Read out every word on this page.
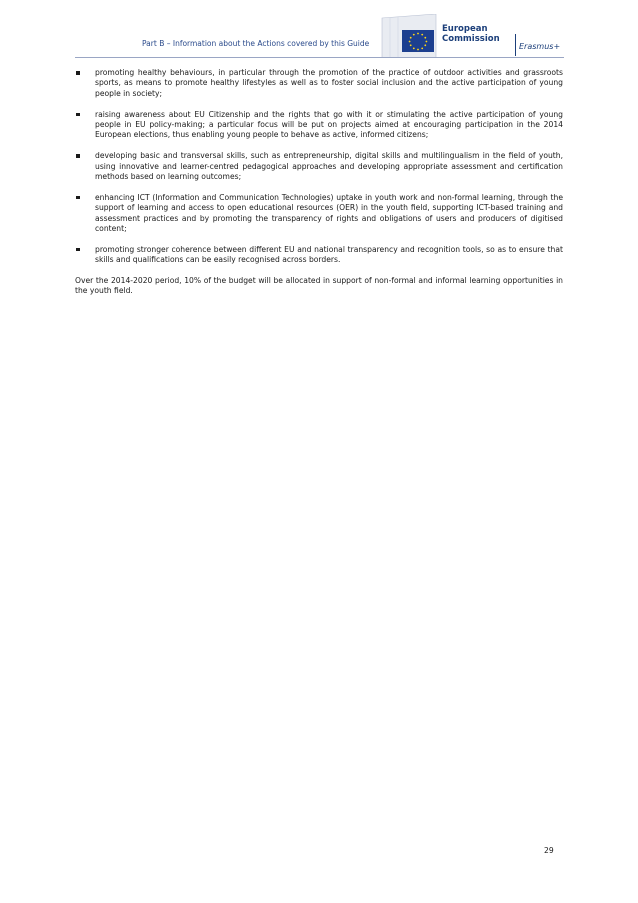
Part B – Information about the Actions covered by this Guide
European
Commission
Erasmus+
promoting healthy behaviours, in particular through the promotion of the practice of outdoor activities and grassroots sports, as means to promote healthy lifestyles as well as to foster social inclusion and the active participation of young people in society;
raising awareness about EU Citizenship and the rights that go with it or stimulating the active participation of young people in EU policy-making; a particular focus will be put on projects aimed at encouraging participation in the 2014 European elections, thus enabling young people to behave as active, informed citizens;
developing basic and transversal skills, such as entrepreneurship, digital skills and multilingualism in the field of youth, using innovative and learner-centred pedagogical approaches and developing appropriate assessment and certification methods based on learning outcomes;
enhancing ICT (Information and Communication Technologies) uptake in youth work and non-formal learning, through the support of learning and access to open educational resources (OER) in the youth field, supporting ICT-based training and assessment practices and by promoting the transparency of rights and obligations of users and producers of digitised content;
promoting stronger coherence between different EU and national transparency and recognition tools, so as to ensure that skills and qualifications can be easily recognised across borders.

Over the 2014-2020 period, 10% of the budget will be allocated in support of non-formal and informal learning opportunities in the youth field.

29
